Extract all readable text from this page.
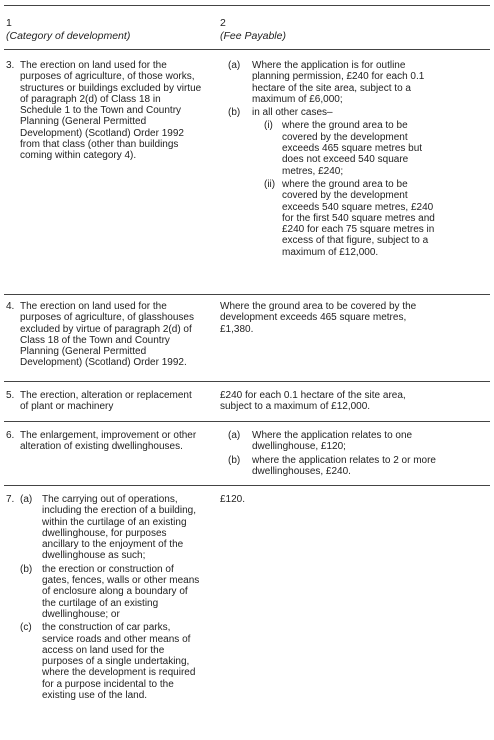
1
(Category of development)
2
(Fee Payable)
3. The erection on land used for the purposes of agriculture, of those works, structures or buildings excluded by virtue of paragraph 2(d) of Class 18 in Schedule 1 to the Town and Country Planning (General Permitted Development) (Scotland) Order 1992 from that class (other than buildings coming within category 4).
(a) Where the application is for outline planning permission, £240 for each 0.1 hectare of the site area, subject to a maximum of £6,000;
(b) in all other cases–
(i) where the ground area to be covered by the development exceeds 465 square metres but does not exceed 540 square metres, £240;
(ii) where the ground area to be covered by the development exceeds 540 square metres, £240 for the first 540 square metres and £240 for each 75 square metres in excess of that figure, subject to a maximum of £12,000.
4. The erection on land used for the purposes of agriculture, of glasshouses excluded by virtue of paragraph 2(d) of Class 18 of the Town and Country Planning (General Permitted Development) (Scotland) Order 1992.
Where the ground area to be covered by the development exceeds 465 square metres, £1,380.
5. The erection, alteration or replacement of plant or machinery
£240 for each 0.1 hectare of the site area, subject to a maximum of £12,000.
6. The enlargement, improvement or other alteration of existing dwellinghouses.
(a) Where the application relates to one dwellinghouse, £120;
(b) where the application relates to 2 or more dwellinghouses, £240.
7. (a) The carrying out of operations, including the erection of a building, within the curtilage of an existing dwellinghouse, for purposes ancillary to the enjoyment of the dwellinghouse as such;
(b) the erection or construction of gates, fences, walls or other means of enclosure along a boundary of the curtilage of an existing dwellinghouse; or
(c) the construction of car parks, service roads and other means of access on land used for the purposes of a single undertaking, where the development is required for a purpose incidental to the existing use of the land.
£120.
